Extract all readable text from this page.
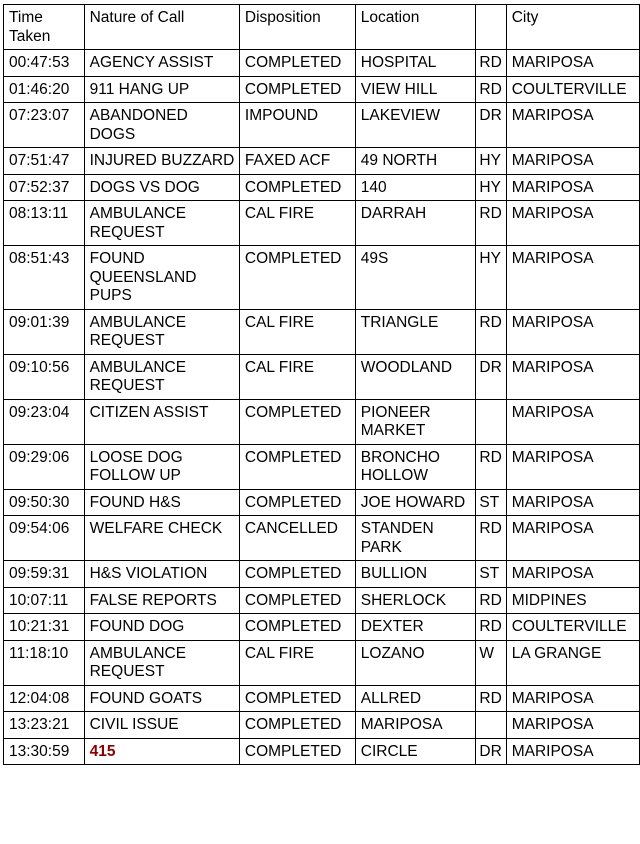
Time Taken	Nature of Call	Disposition	Location		City
00:47:53	AGENCY ASSIST	COMPLETED	HOSPITAL	RD	MARIPOSA
01:46:20	911 HANG UP	COMPLETED	VIEW HILL	RD	COULTERVILLE
07:23:07	ABANDONED DOGS	IMPOUND	LAKEVIEW	DR	MARIPOSA
07:51:47	INJURED BUZZARD	FAXED ACF	49 NORTH	HY	MARIPOSA
07:52:37	DOGS VS DOG	COMPLETED	140	HY	MARIPOSA
08:13:11	AMBULANCE REQUEST	CAL FIRE	DARRAH	RD	MARIPOSA
08:51:43	FOUND QUEENSLAND PUPS	COMPLETED	49S	HY	MARIPOSA
09:01:39	AMBULANCE REQUEST	CAL FIRE	TRIANGLE	RD	MARIPOSA
09:10:56	AMBULANCE REQUEST	CAL FIRE	WOODLAND	DR	MARIPOSA
09:23:04	CITIZEN ASSIST	COMPLETED	PIONEER MARKET		MARIPOSA
09:29:06	LOOSE DOG FOLLOW UP	COMPLETED	BRONCHO HOLLOW	RD	MARIPOSA
09:50:30	FOUND H&S	COMPLETED	JOE HOWARD	ST	MARIPOSA
09:54:06	WELFARE CHECK	CANCELLED	STANDEN PARK	RD	MARIPOSA
09:59:31	H&S VIOLATION	COMPLETED	BULLION	ST	MARIPOSA
10:07:11	FALSE REPORTS	COMPLETED	SHERLOCK	RD	MIDPINES
10:21:31	FOUND DOG	COMPLETED	DEXTER	RD	COULTERVILLE
11:18:10	AMBULANCE REQUEST	CAL FIRE	LOZANO	W	LA GRANGE
12:04:08	FOUND GOATS	COMPLETED	ALLRED	RD	MARIPOSA
13:23:21	CIVIL ISSUE	COMPLETED	MARIPOSA		MARIPOSA
13:30:59	415	COMPLETED	CIRCLE	DR	MARIPOSA
